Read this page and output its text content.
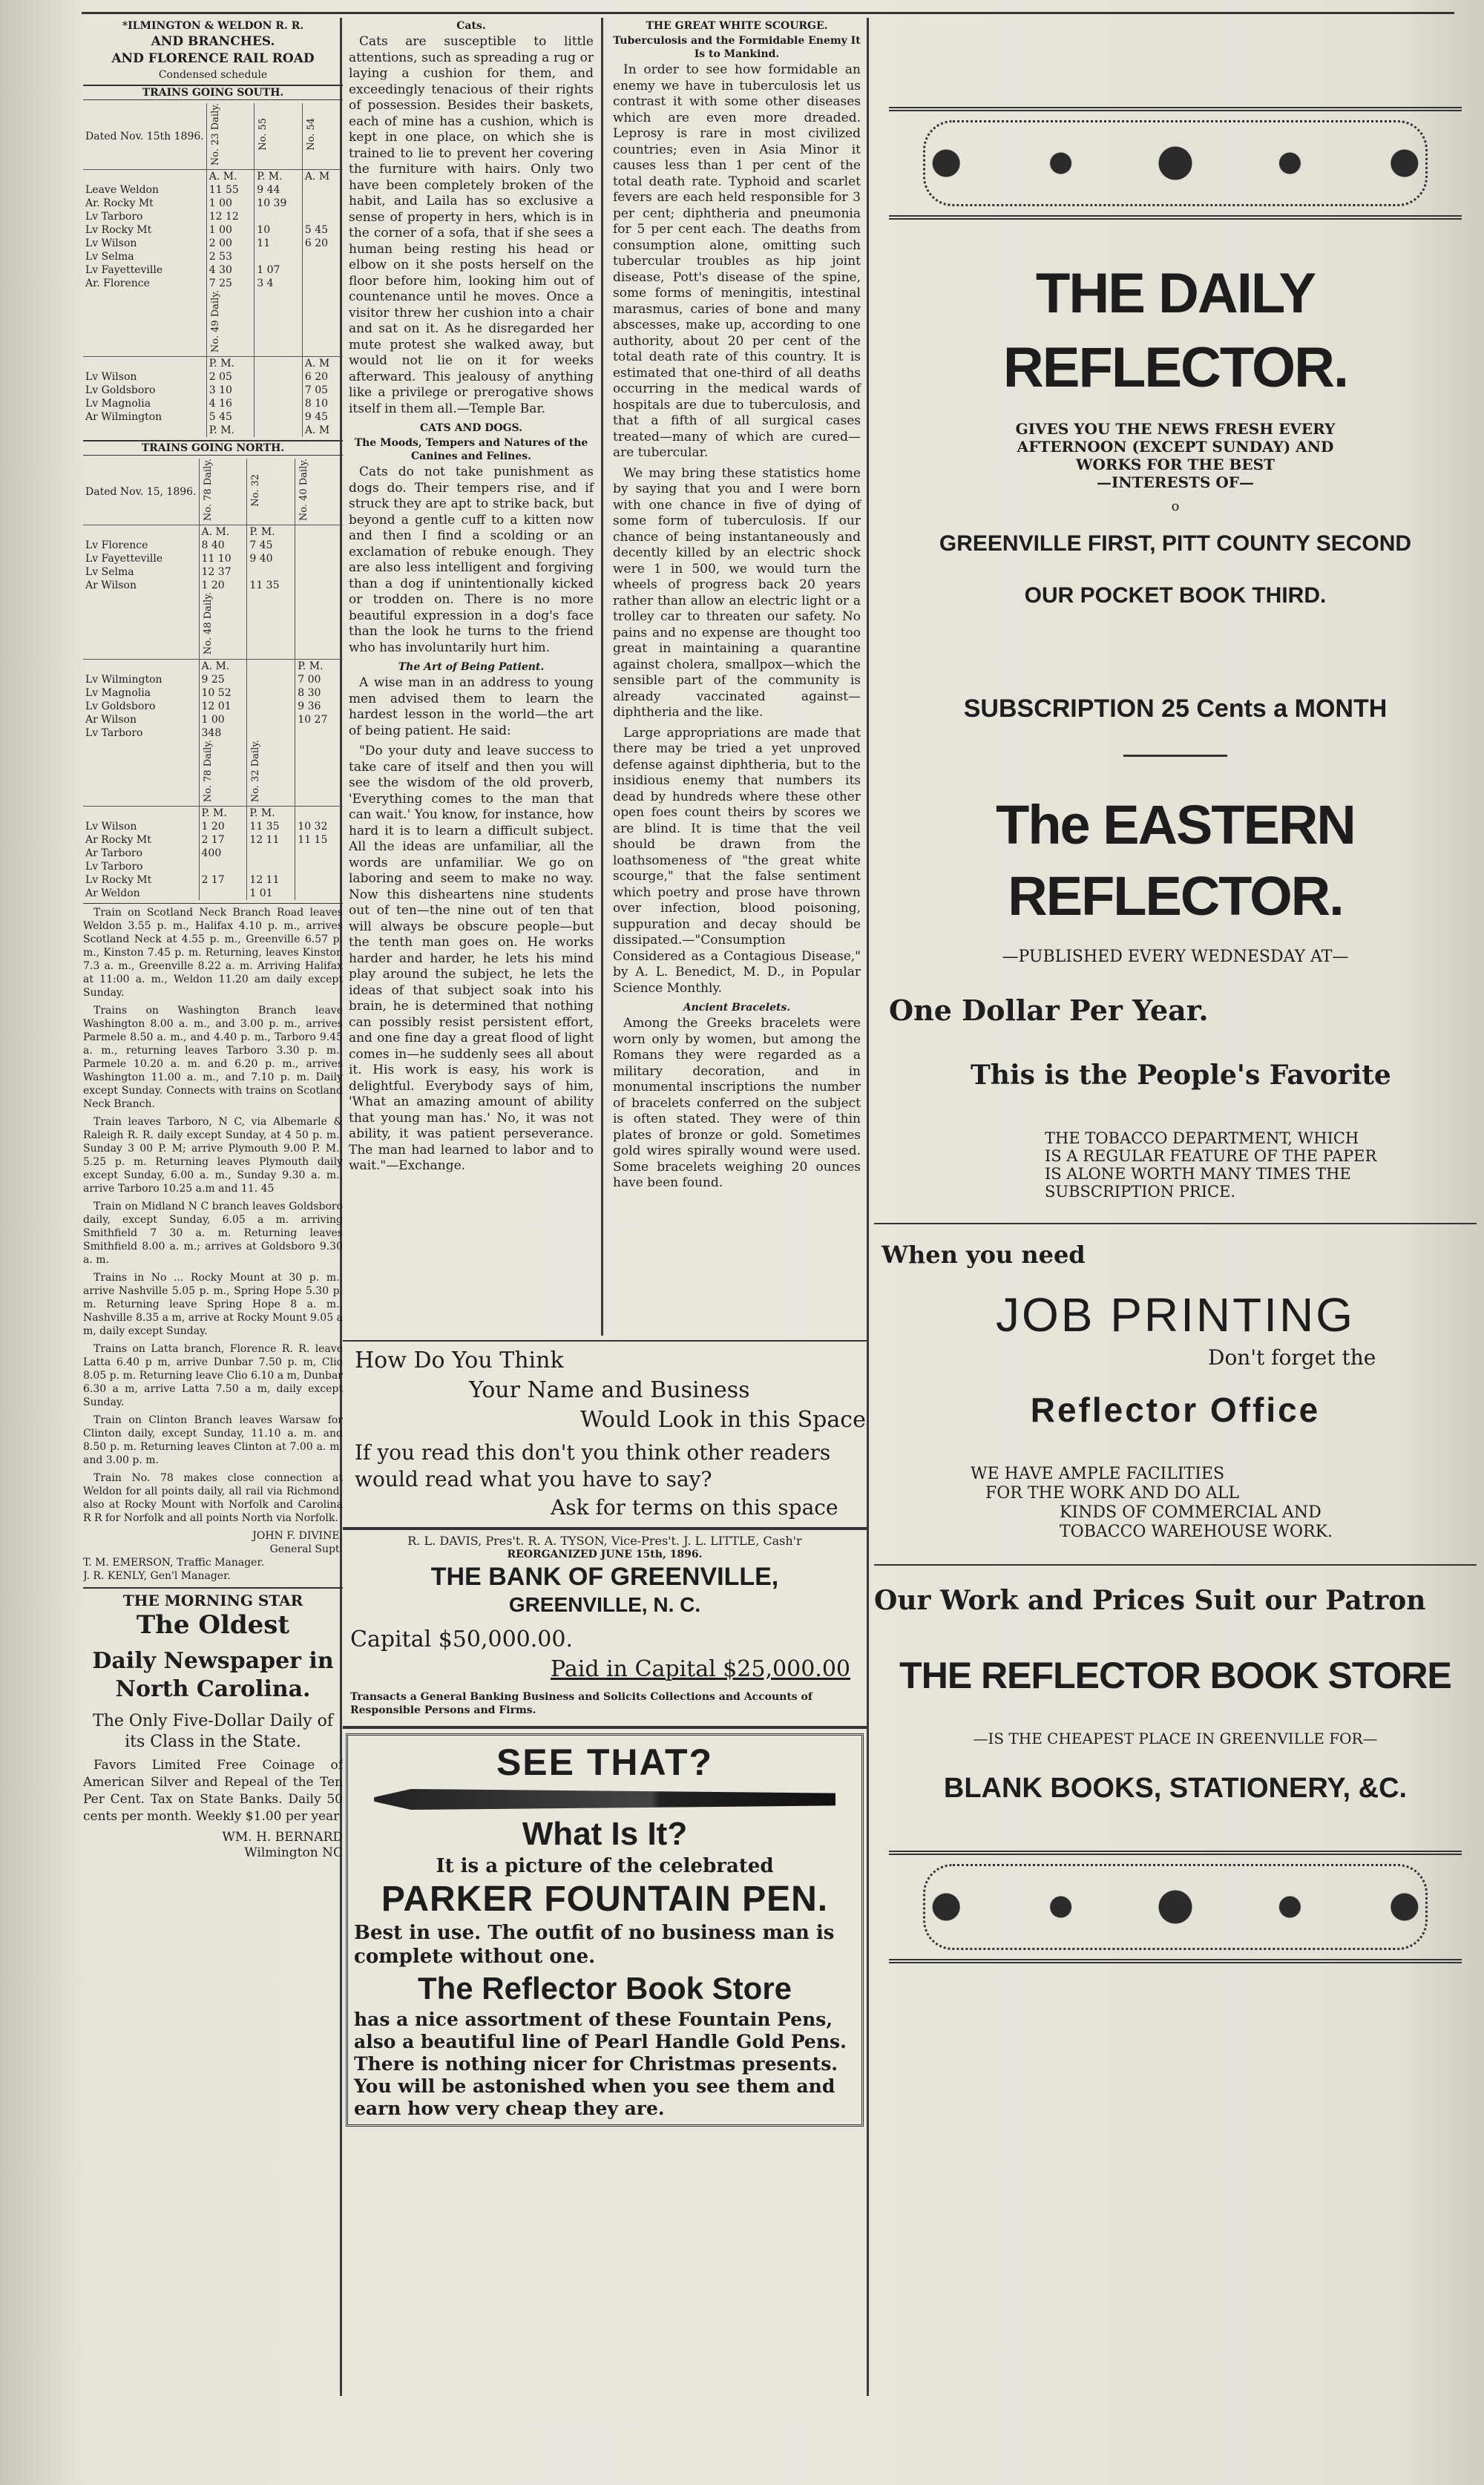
*ILMINGTON & WELDON R. R.
AND BRANCHES.
AND FLORENCE RAIL ROAD
Condensed schedule
TRAINS GOING SOUTH.
Dated Nov. 15th 1896.	No. 23 Daily.	No. 55	No. 54
	A. M.	P. M.	A. M
Leave Weldon	11 55	9 44	
Ar. Rocky Mt	1 00	10 39	

Lv Tarboro	12 12		

Lv Rocky Mt	1 00	10	5 45
Lv Wilson	2 00	11	6 20
Lv Selma	2 53		
Lv Fayetteville	4 30	1 07	
Ar. Florence	7 25	3 4	
	No. 49 Daily.		
	P. M.		A. M
Lv Wilson	2 05		6 20
Lv Goldsboro	3 10		7 05
Lv Magnolia	4 16		8 10
Ar Wilmington	5 45		9 45
	P. M.		A. M
TRAINS GOING NORTH.
Dated Nov. 15, 1896.	No. 78 Daily.	No. 32	No. 40 Daily.
	A. M.	P. M.	
Lv Florence	8 40	7 45	
Lv Fayetteville	11 10	9 40	
Lv Selma	12 37		
Ar Wilson	1 20	11 35	
	No. 48 Daily.		
	A. M.		P. M.
Lv Wilmington	9 25		7 00
Lv Magnolia	10 52		8 30
Lv Goldsboro	12 01		9 36
Ar Wilson	1 00		10 27
Lv Tarboro	348		
	No. 78 Daily.	No. 32 Daily.	
	P. M.	P. M.	
Lv Wilson	1 20	11 35	10 32
Ar Rocky Mt	2 17	12 11	11 15

Ar Tarboro	400		
Lv Tarboro			
Lv Rocky Mt	2 17	12 11	
Ar Weldon		1 01	

Train on Scotland Neck Branch Road leaves Weldon 3.55 p. m., Halifax 4.10 p. m., arrives Scotland Neck at 4.55 p. m., Greenville 6.57 p. m., Kinston 7.45 p. m. Returning, leaves Kinston 7.3 a. m., Greenville 8.22 a. m. Arriving Halifax at 11:00 a. m., Weldon 11.20 am daily except Sunday.

Trains on Washington Branch leave Washington 8.00 a. m., and 3.00 p. m., arrives Parmele 8.50 a. m., and 4.40 p. m., Tarboro 9.45 a. m., returning leaves Tarboro 3.30 p. m., Parmele 10.20 a. m. and 6.20 p. m., arrives Washington 11.00 a. m., and 7.10 p. m. Daily except Sunday. Connects with trains on Scotland Neck Branch.

Train leaves Tarboro, N C, via Albemarle & Raleigh R. R. daily except Sunday, at 4 50 p. m., Sunday 3 00 P. M; arrive Plymouth 9.00 P. M., 5.25 p. m. Returning leaves Plymouth daily except Sunday, 6.00 a. m., Sunday 9.30 a. m., arrive Tarboro 10.25 a.m and 11. 45

Train on Midland N C branch leaves Goldsboro daily, except Sunday, 6.05 a m. arriving Smithfield 7 30 a. m. Returning leaves Smithfield 8.00 a. m.; arrives at Goldsboro 9.30 a. m.

Trains in No ... Rocky Mount at 30 p. m., arrive Nashville 5.05 p. m., Spring Hope 5.30 p. m. Returning leave Spring Hope 8 a. m., Nashville 8.35 a m, arrive at Rocky Mount 9.05 a m, daily except Sunday.

Trains on Latta branch, Florence R. R. leave Latta 6.40 p m, arrive Dunbar 7.50 p. m, Clio 8.05 p. m. Returning leave Clio 6.10 a m, Dunbar 6.30 a m, arrive Latta 7.50 a m, daily except Sunday.

Train on Clinton Branch leaves Warsaw for Clinton daily, except Sunday, 11.10 a. m. and 8.50 p. m. Returning leaves Clinton at 7.00 a. m. and 3.00 p. m.

Train No. 78 makes close connection at Weldon for all points daily, all rail via Richmond, also at Rocky Mount with Norfolk and Carolina R R for Norfolk and all points North via Norfolk.

JOHN F. DIVINE,
General Supt.
T. M. EMERSON, Traffic Manager.
J. R. KENLY, Gen'l Manager.
THE MORNING STAR
The Oldest
Daily Newspaper in
North Carolina.
The Only Five-Dollar Daily of
its Class in the State.

Favors Limited Free Coinage of American Silver and Repeal of the Ten Per Cent. Tax on State Banks. Daily 50 cents per month. Weekly $1.00 per year

WM. H. BERNARD
Wilmington NC
Cats.

Cats are susceptible to little attentions, such as spreading a rug or laying a cushion for them, and exceedingly tenacious of their rights of possession. Besides their baskets, each of mine has a cushion, which is kept in one place, on which she is trained to lie to prevent her covering the furniture with hairs. Only two have been completely broken of the habit, and Laila has so exclusive a sense of property in hers, which is in the corner of a sofa, that if she sees a human being resting his head or elbow on it she posts herself on the floor before him, looking him out of countenance until he moves. Once a visitor threw her cushion into a chair and sat on it. As he disregarded her mute protest she walked away, but would not lie on it for weeks afterward. This jealousy of anything like a privilege or prerogative shows itself in them all.—Temple Bar.

CATS AND DOGS.
The Moods, Tempers and Natures of the Canines and Felines.

Cats do not take punishment as dogs do. Their tempers rise, and if struck they are apt to strike back, but beyond a gentle cuff to a kitten now and then I find a scolding or an exclamation of rebuke enough. They are also less intelligent and forgiving than a dog if unintentionally kicked or trodden on. There is no more beautiful expression in a dog's face than the look he turns to the friend who has involuntarily hurt him.

The Art of Being Patient.

A wise man in an address to young men advised them to learn the hardest lesson in the world—the art of being patient. He said:

"Do your duty and leave success to take care of itself and then you will see the wisdom of the old proverb, 'Everything comes to the man that can wait.' You know, for instance, how hard it is to learn a difficult subject. All the ideas are unfamiliar, all the words are unfamiliar. We go on laboring and seem to make no way. Now this disheartens nine students out of ten—the nine out of ten that will always be obscure people—but the tenth man goes on. He works harder and harder, he lets his mind play around the subject, he lets the ideas of that subject soak into his brain, he is determined that nothing can possibly resist persistent effort, and one fine day a great flood of light comes in—he suddenly sees all about it. His work is easy, his work is delightful. Everybody says of him, 'What an amazing amount of ability that young man has.' No, it was not ability, it was patient perseverance. The man had learned to labor and to wait."—Exchange.

THE GREAT WHITE SCOURGE.
Tuberculosis and the Formidable Enemy It Is to Mankind.

In order to see how formidable an enemy we have in tuberculosis let us contrast it with some other diseases which are even more dreaded. Leprosy is rare in most civilized countries; even in Asia Minor it causes less than 1 per cent of the total death rate. Typhoid and scarlet fevers are each held responsible for 3 per cent; diphtheria and pneumonia for 5 per cent each. The deaths from consumption alone, omitting such tubercular troubles as hip joint disease, Pott's disease of the spine, some forms of meningitis, intestinal marasmus, caries of bone and many abscesses, make up, according to one authority, about 20 per cent of the total death rate of this country. It is estimated that one-third of all deaths occurring in the medical wards of hospitals are due to tuberculosis, and that a fifth of all surgical cases treated—many of which are cured—are tubercular.

We may bring these statistics home by saying that you and I were born with one chance in five of dying of some form of tuberculosis. If our chance of being instantaneously and decently killed by an electric shock were 1 in 500, we would turn the wheels of progress back 20 years rather than allow an electric light or a trolley car to threaten our safety. No pains and no expense are thought too great in maintaining a quarantine against cholera, smallpox—which the sensible part of the community is already vaccinated against—diphtheria and the like.

Large appropriations are made that there may be tried a yet unproved defense against diphtheria, but to the insidious enemy that numbers its dead by hundreds where these other open foes count theirs by scores we are blind. It is time that the veil should be drawn from the loathsomeness of "the great white scourge," that the false sentiment which poetry and prose have thrown over infection, blood poisoning, suppuration and decay should be dissipated.—"Consumption Considered as a Contagious Disease," by A. L. Benedict, M. D., in Popular Science Monthly.

Ancient Bracelets.

Among the Greeks bracelets were worn only by women, but among the Romans they were regarded as a military decoration, and in monumental inscriptions the number of bracelets conferred on the subject is often stated. They were of thin plates of bronze or gold. Sometimes gold wires spirally wound were used. Some bracelets weighing 20 ounces have been found.

How Do You Think
Your Name and Business
Would Look in this Space
If you read this don't you think other readers would read what you have to say?
Ask for terms on this space
R. L. DAVIS, Pres't. R. A. TYSON, Vice-Pres't. J. L. LITTLE, Cash'r
REORGANIZED JUNE 15th, 1896.
THE BANK OF GREENVILLE,
GREENVILLE, N. C.
Capital $50,000.00.
Paid in Capital $25,000.00
Transacts a General Banking Business and Solicits Collections and Accounts of Responsible Persons and Firms.
SEE THAT?
What Is It?
It is a picture of the celebrated
PARKER FOUNTAIN PEN.
Best in use. The outfit of no business man is complete without one.
The Reflector Book Store
has a nice assortment of these Fountain Pens, also a beautiful line of Pearl Handle Gold Pens. There is nothing nicer for Christmas presents. You will be astonished when you see them and earn how very cheap they are.
THE DAILY REFLECTOR.
GIVES YOU THE NEWS FRESH EVERY
AFTERNOON (EXCEPT SUNDAY) AND
WORKS FOR THE BEST
—INTERESTS OF—
o
GREENVILLE FIRST, PITT COUNTY SECOND
OUR POCKET BOOK THIRD.
SUBSCRIPTION 25 Cents a MONTH
The EASTERN REFLECTOR.
—PUBLISHED EVERY WEDNESDAY AT—
One Dollar Per Year.
This is the People's Favorite
THE TOBACCO DEPARTMENT, WHICH
IS A REGULAR FEATURE OF THE PAPER
IS ALONE WORTH MANY TIMES THE
SUBSCRIPTION PRICE.
When you need
JOB PRINTING
Don't forget the
Reflector Office
WE HAVE AMPLE FACILITIES
FOR THE WORK AND DO ALL
KINDS OF COMMERCIAL AND
TOBACCO WAREHOUSE WORK.
Our Work and Prices Suit our Patron
THE REFLECTOR BOOK STORE
—IS THE CHEAPEST PLACE IN GREENVILLE FOR—
BLANK BOOKS, STATIONERY, &C.
